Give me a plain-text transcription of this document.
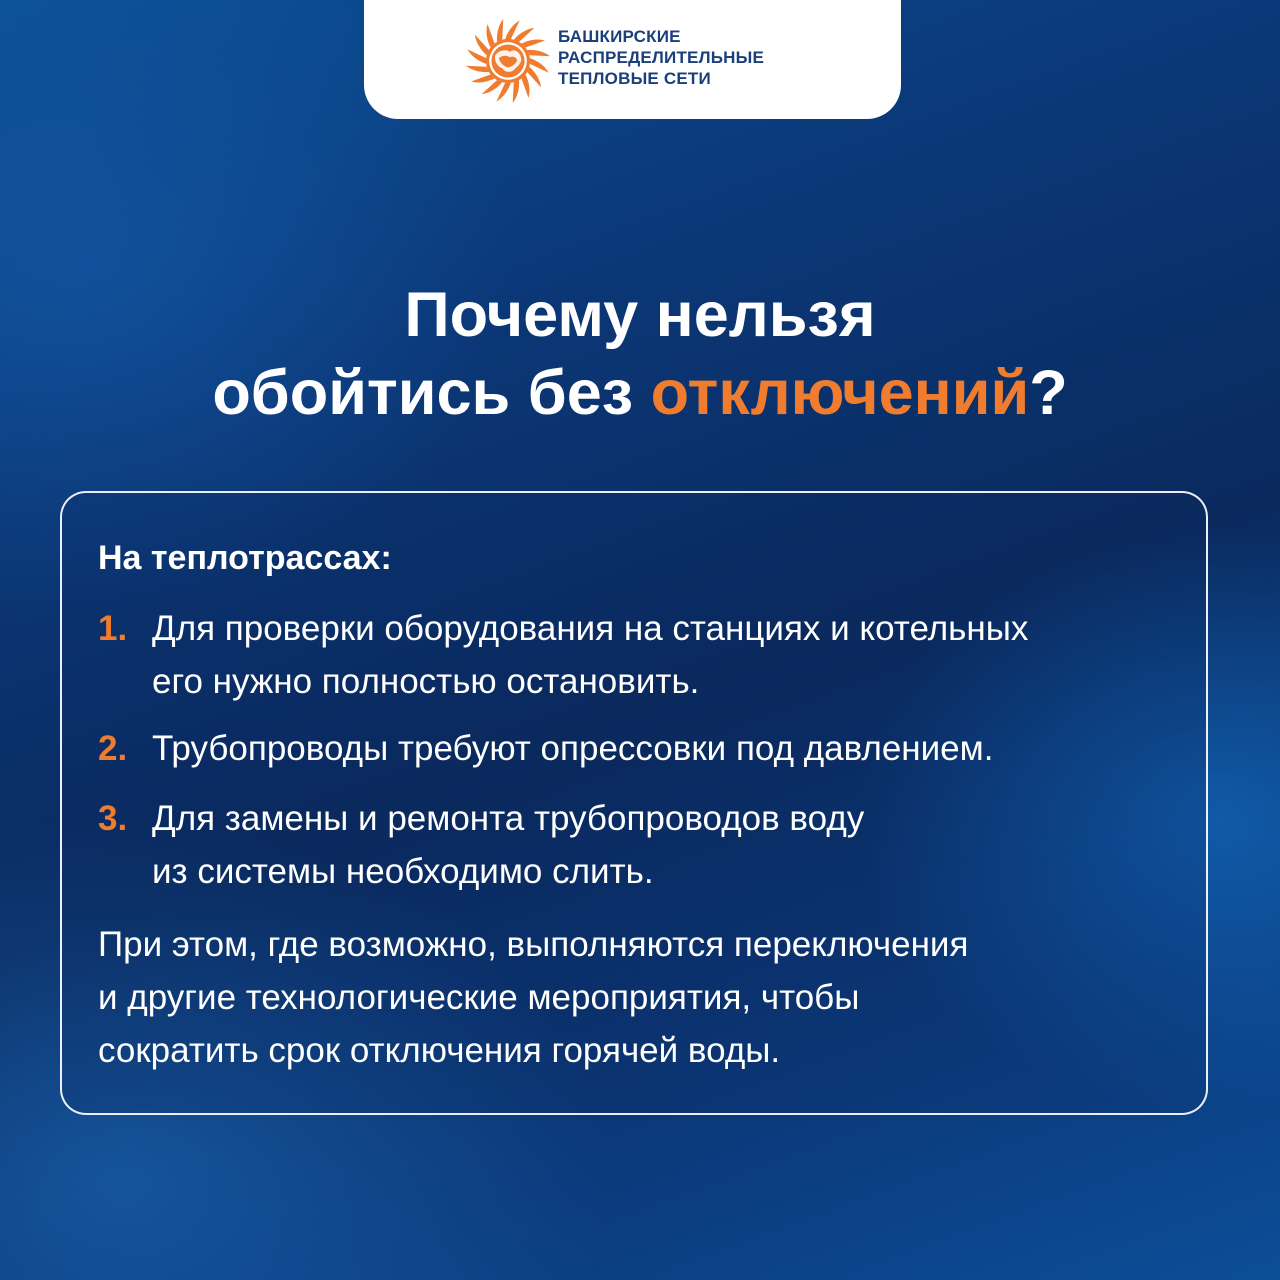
БАШКИРСКИЕ
РАСПРЕДЕЛИТЕЛЬНЫЕ
ТЕПЛОВЫЕ СЕТИ
Почему нельзя
обойтись без отключений?
На теплотрассах:
1. Для проверки оборудования на станциях и котельных
его нужно полностью остановить.
2. Трубопроводы требуют опрессовки под давлением.
3. Для замены и ремонта трубопроводов воду
из системы необходимо слить.
При этом, где возможно, выполняются переключения
и другие технологические мероприятия, чтобы
сократить срок отключения горячей воды.
